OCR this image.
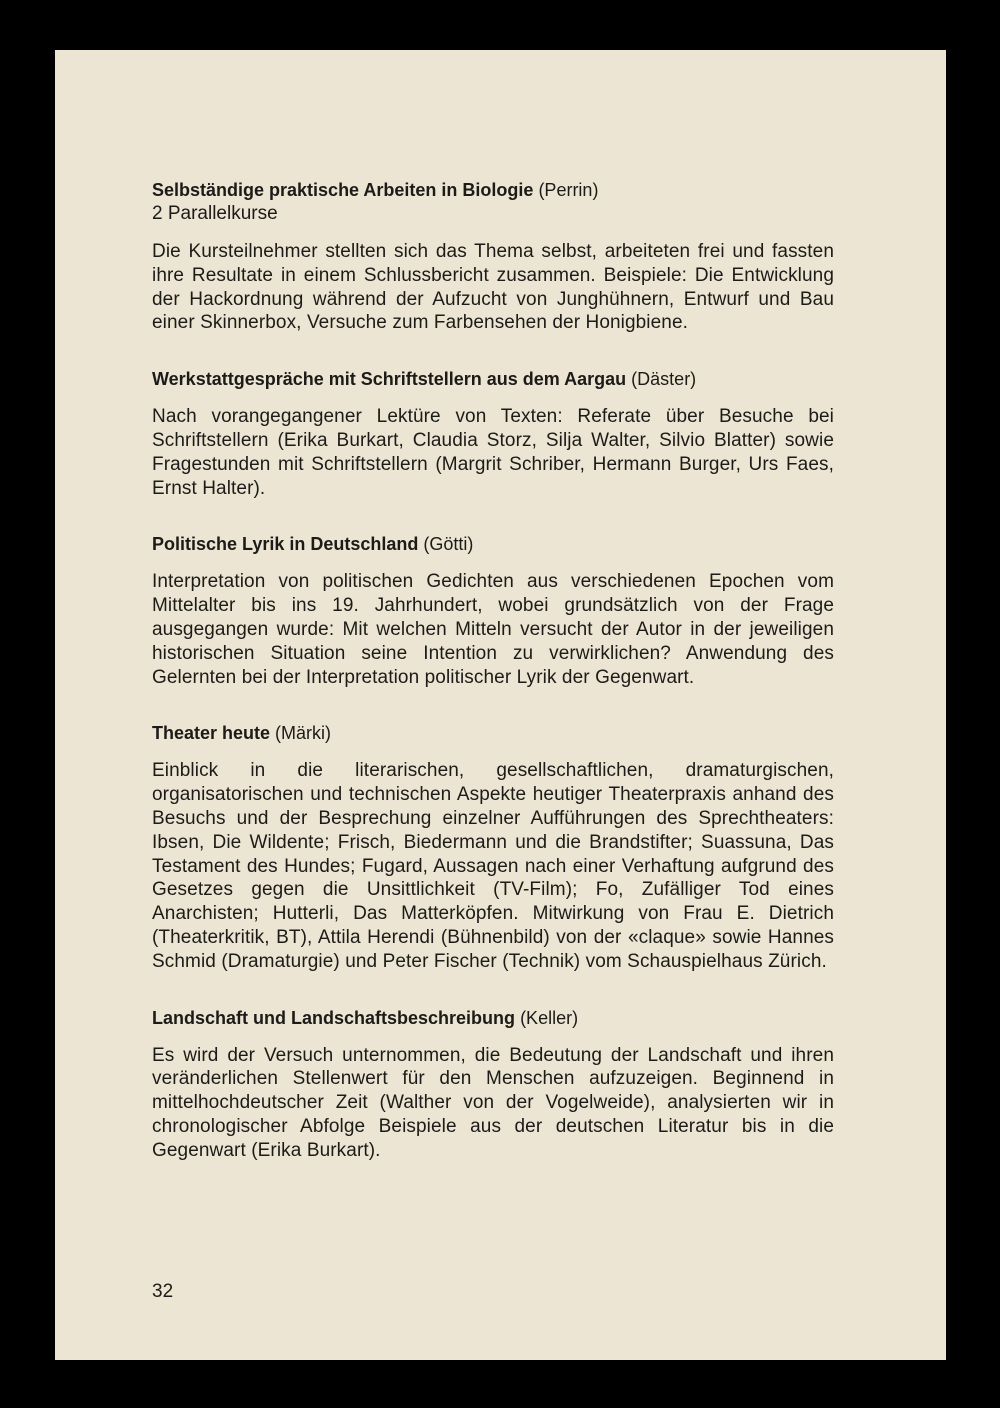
Selbständige praktische Arbeiten in Biologie (Perrin)

2 Parallelkurse

Die Kursteilnehmer stellten sich das Thema selbst, arbeiteten frei und fassten ihre Resultate in einem Schlussbericht zusammen. Beispiele: Die Entwicklung der Hackordnung während der Aufzucht von Junghühnern, Entwurf und Bau einer Skinnerbox, Versuche zum Farbensehen der Honigbiene.

Werkstattgespräche mit Schriftstellern aus dem Aargau (Däster)

Nach vorangegangener Lektüre von Texten: Referate über Besuche bei Schriftstellern (Erika Burkart, Claudia Storz, Silja Walter, Silvio Blatter) sowie Fragestunden mit Schriftstellern (Margrit Schriber, Hermann Burger, Urs Faes, Ernst Halter).

Politische Lyrik in Deutschland (Götti)

Interpretation von politischen Gedichten aus verschiedenen Epochen vom Mittelalter bis ins 19. Jahrhundert, wobei grundsätzlich von der Frage ausgegangen wurde: Mit welchen Mitteln versucht der Autor in der jeweiligen historischen Situation seine Intention zu verwirklichen? Anwendung des Gelernten bei der Interpretation politischer Lyrik der Gegenwart.

Theater heute (Märki)

Einblick in die literarischen, gesellschaftlichen, dramaturgischen, organisatorischen und technischen Aspekte heutiger Theaterpraxis anhand des Besuchs und der Besprechung einzelner Aufführungen des Sprechtheaters: Ibsen, Die Wildente; Frisch, Biedermann und die Brandstifter; Suassuna, Das Testament des Hundes; Fugard, Aussagen nach einer Verhaftung aufgrund des Gesetzes gegen die Unsittlichkeit (TV-Film); Fo, Zufälliger Tod eines Anarchisten; Hutterli, Das Matterköpfen. Mitwirkung von Frau E. Dietrich (Theaterkritik, BT), Attila Herendi (Bühnenbild) von der «claque» sowie Hannes Schmid (Dramaturgie) und Peter Fischer (Technik) vom Schauspielhaus Zürich.

Landschaft und Landschaftsbeschreibung (Keller)

Es wird der Versuch unternommen, die Bedeutung der Landschaft und ihren veränderlichen Stellenwert für den Menschen aufzuzeigen. Beginnend in mittelhochdeutscher Zeit (Walther von der Vogelweide), analysierten wir in chronologischer Abfolge Beispiele aus der deutschen Literatur bis in die Gegenwart (Erika Burkart).

32
